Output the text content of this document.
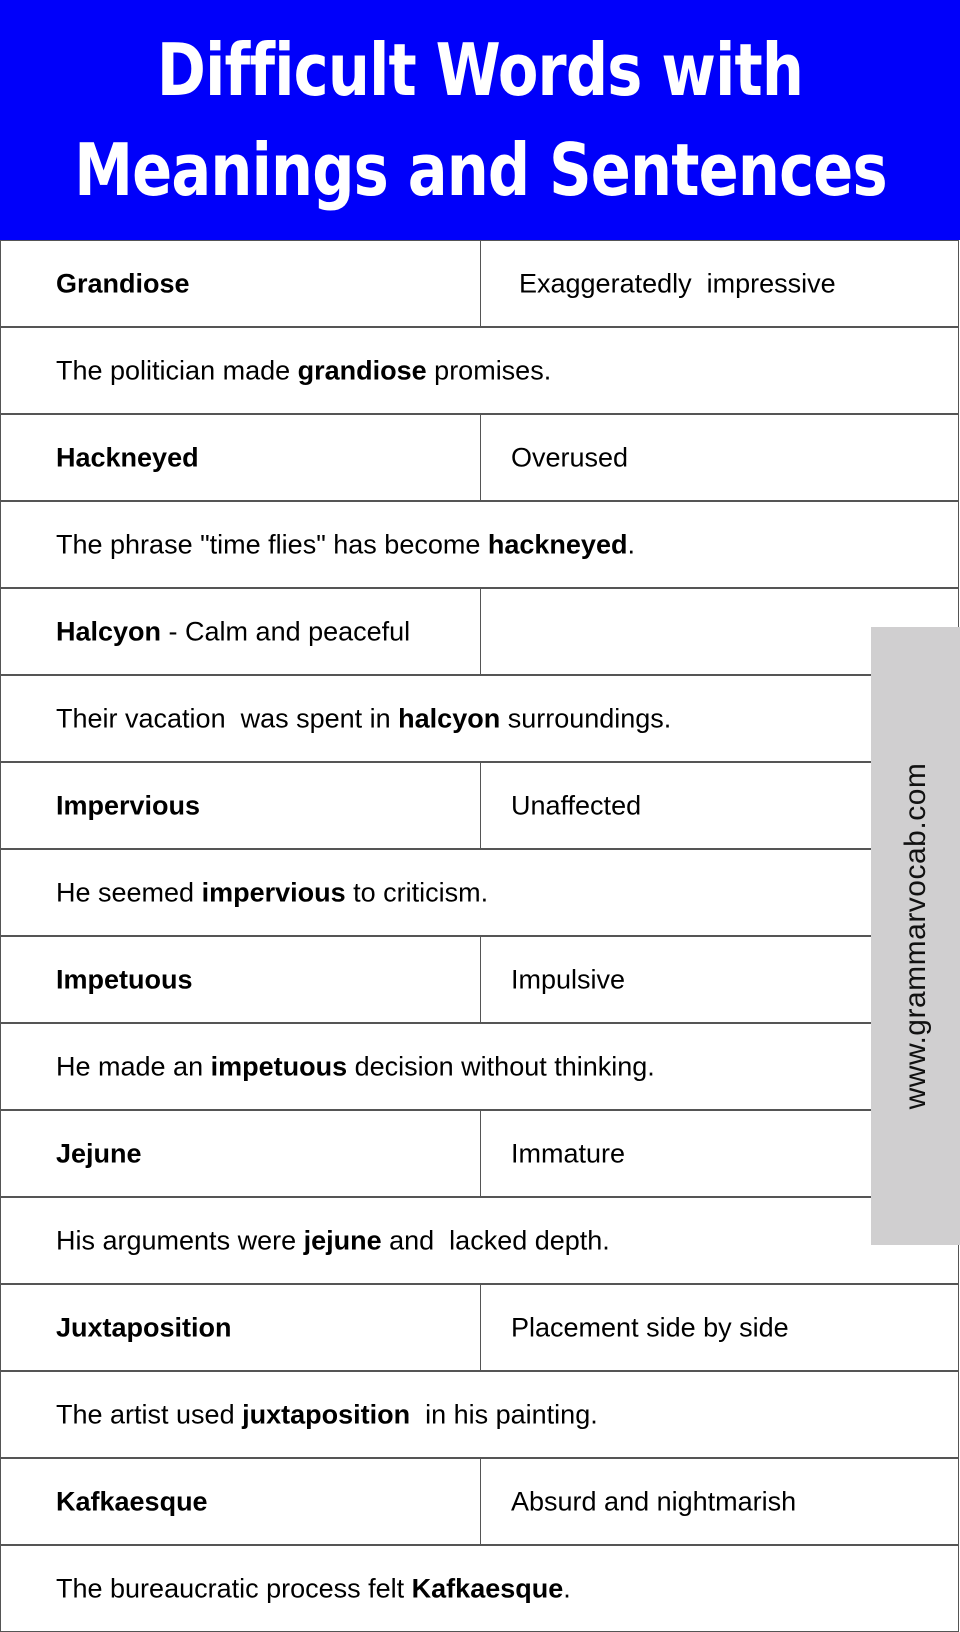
Difficult Words with
Meanings and Sentences
Grandiose	Exaggeratedly  impressive
The politician made grandiose promises.
Hackneyed	Overused
The phrase "time flies" has become hackneyed.
Halcyon - Calm and peaceful
Their vacation  was spent in halcyon surroundings.
Impervious	Unaffected
He seemed impervious to criticism.
Impetuous	Impulsive
He made an impetuous decision without thinking.
Jejune	Immature
His arguments were jejune and  lacked depth.
Juxtaposition	Placement side by side
The artist used juxtaposition  in his painting.
Kafkaesque	Absurd and nightmarish
The bureaucratic process felt Kafkaesque.
www.grammarvocab.com
